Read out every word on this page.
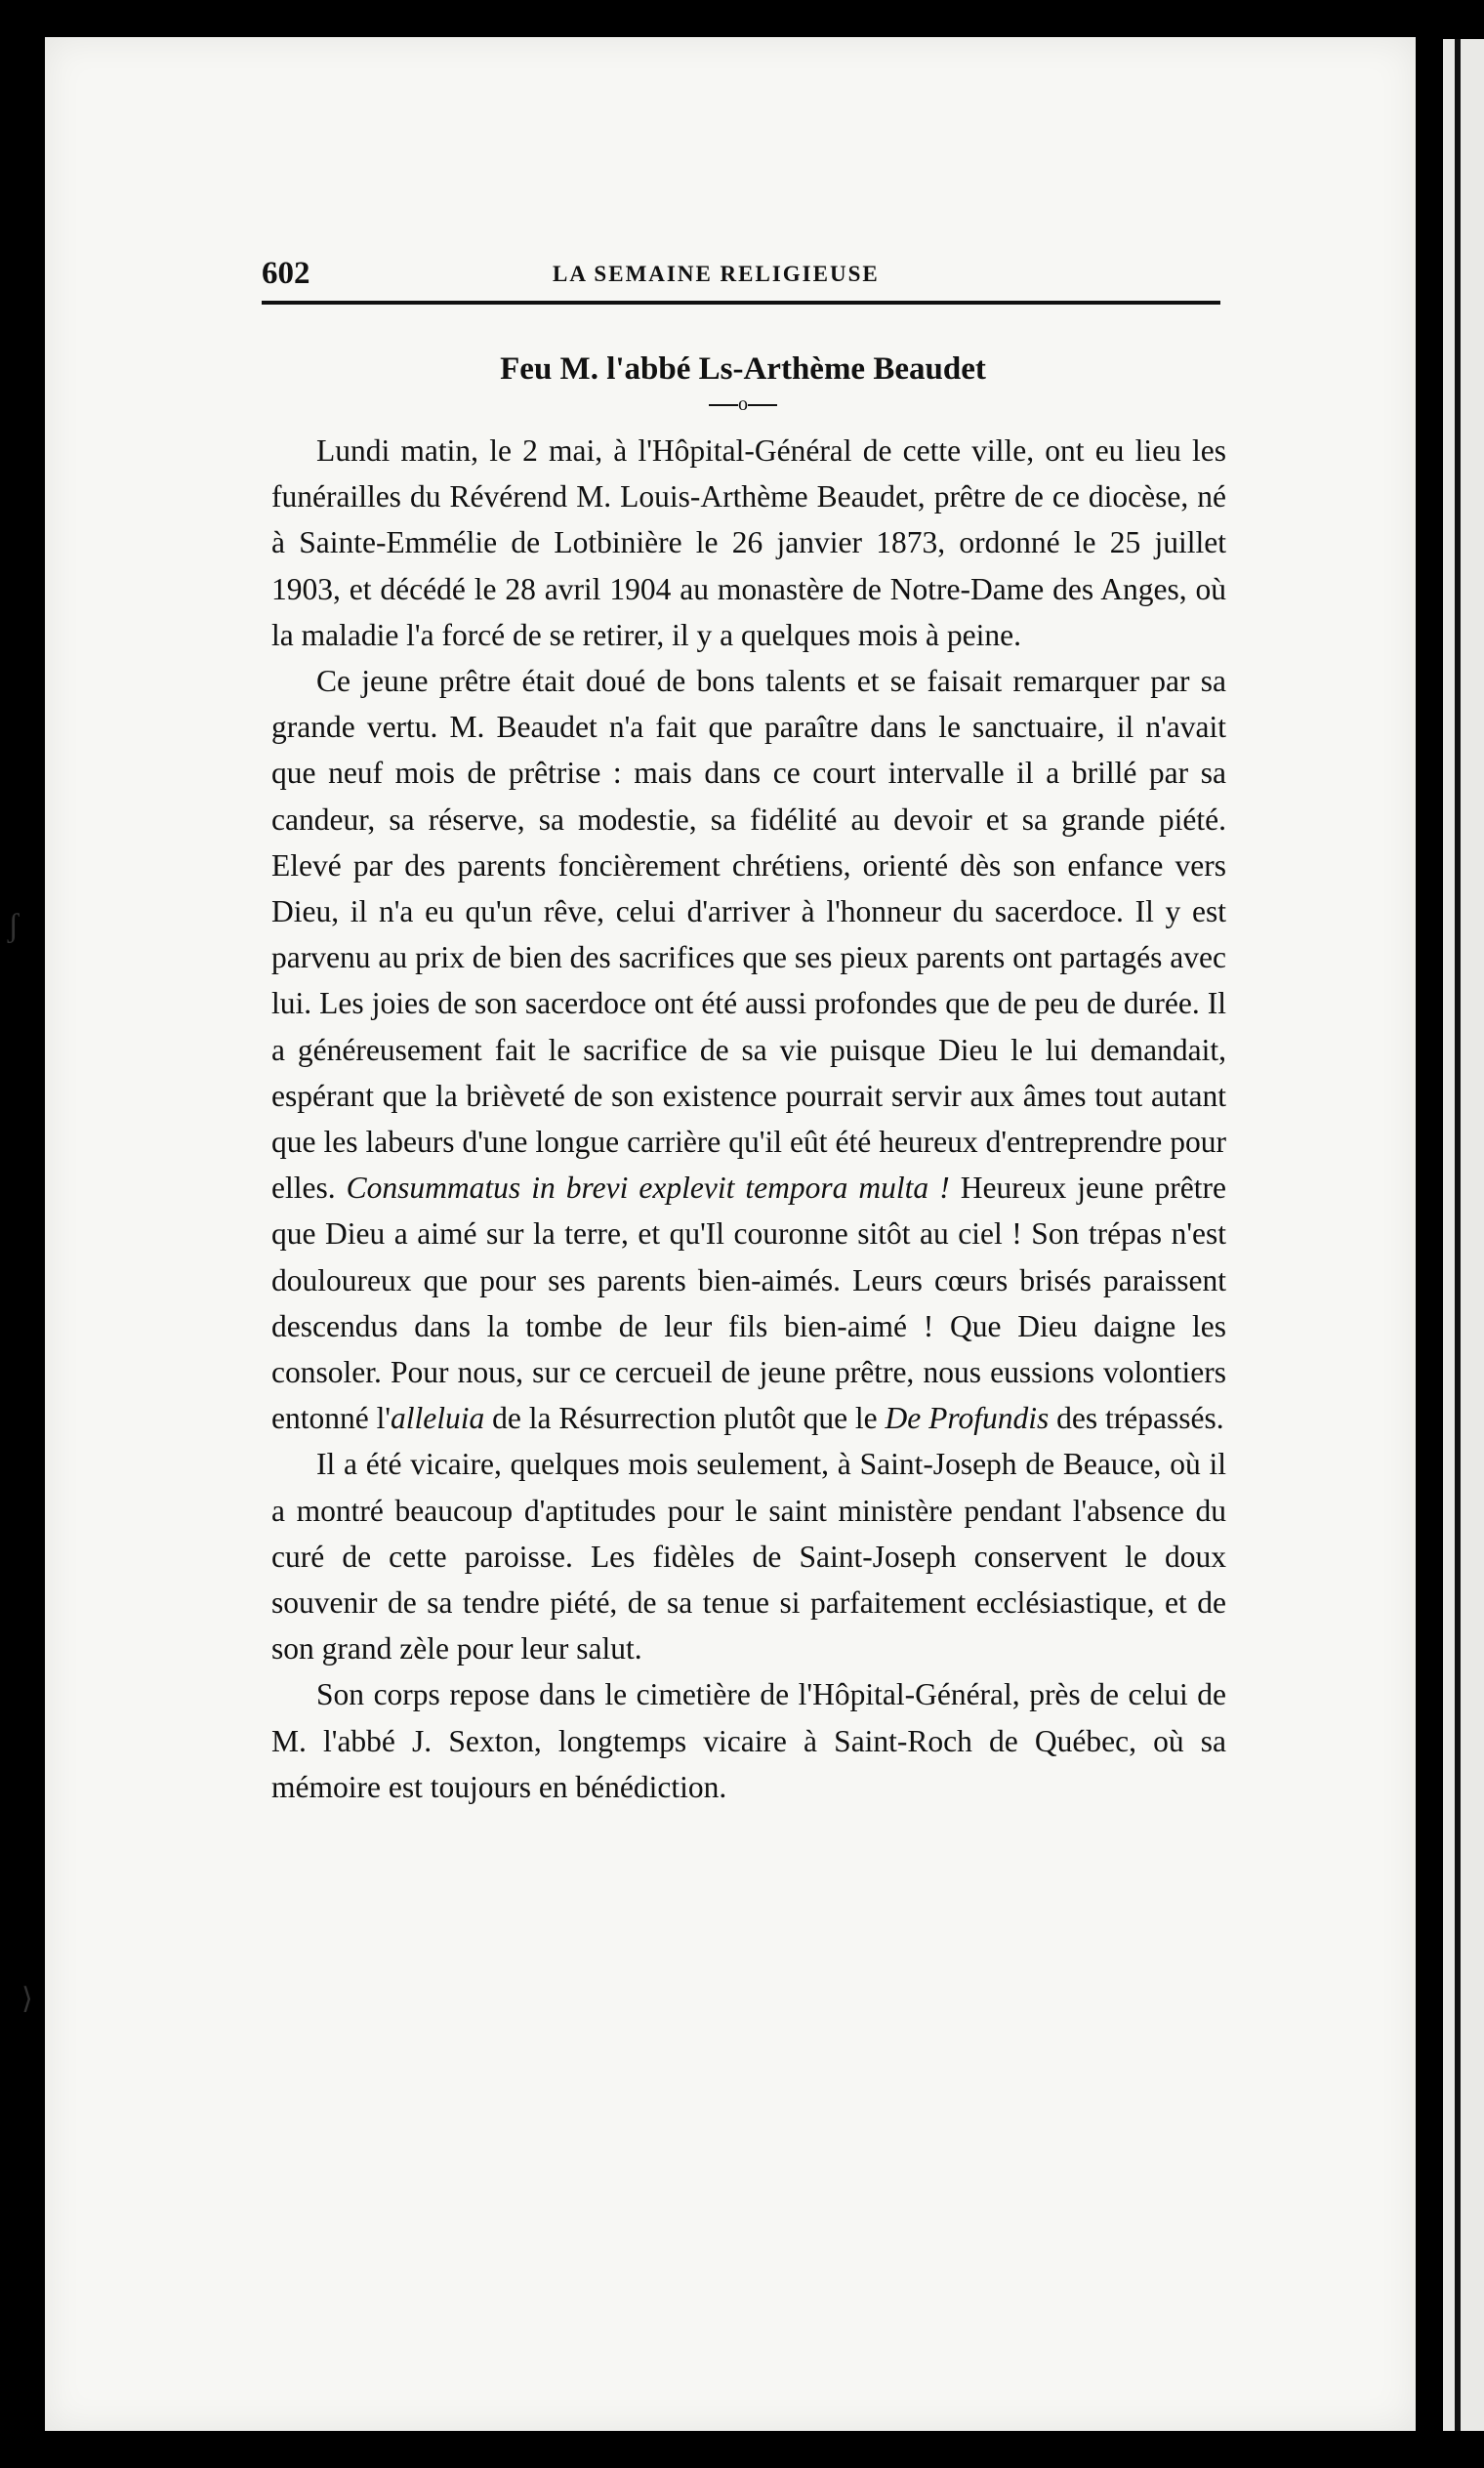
602	LA SEMAINE RELIGIEUSE
Feu M. l'abbé Ls-Arthème Beaudet
o

Lundi matin, le 2 mai, à l'Hôpital-Général de cette ville, ont eu lieu les funérailles du Révérend M. Louis-Arthème Beaudet, prêtre de ce diocèse, né à Sainte-Emmélie de Lotbinière le 26 janvier 1873, ordonné le 25 juillet 1903, et décédé le 28 avril 1904 au monastère de Notre-Dame des Anges, où la maladie l'a forcé de se retirer, il y a quelques mois à peine.

Ce jeune prêtre était doué de bons talents et se faisait remarquer par sa grande vertu. M. Beaudet n'a fait que paraître dans le sanctuaire, il n'avait que neuf mois de prêtrise : mais dans ce court intervalle il a brillé par sa candeur, sa réserve, sa modestie, sa fidélité au devoir et sa grande piété. Elevé par des parents foncièrement chrétiens, orienté dès son enfance vers Dieu, il n'a eu qu'un rêve, celui d'arriver à l'honneur du sacerdoce. Il y est parvenu au prix de bien des sacrifices que ses pieux parents ont partagés avec lui. Les joies de son sacerdoce ont été aussi profondes que de peu de durée. Il a généreusement fait le sacrifice de sa vie puisque Dieu le lui demandait, espérant que la brièveté de son existence pourrait servir aux âmes tout autant que les labeurs d'une longue carrière qu'il eût été heureux d'entreprendre pour elles. Consummatus in brevi explevit tempora multa ! Heureux jeune prêtre que Dieu a aimé sur la terre, et qu'Il couronne sitôt au ciel ! Son trépas n'est douloureux que pour ses parents bien-aimés. Leurs cœurs brisés paraissent descendus dans la tombe de leur fils bien-aimé ! Que Dieu daigne les consoler. Pour nous, sur ce cercueil de jeune prêtre, nous eussions volontiers entonné l'alleluia de la Résurrection plutôt que le De Profundis des trépassés.

Il a été vicaire, quelques mois seulement, à Saint-Joseph de Beauce, où il a montré beaucoup d'aptitudes pour le saint ministère pendant l'absence du curé de cette paroisse. Les fidèles de Saint-Joseph conservent le doux souvenir de sa tendre piété, de sa tenue si parfaitement ecclésiastique, et de son grand zèle pour leur salut.

Son corps repose dans le cimetière de l'Hôpital-Général, près de celui de M. l'abbé J. Sexton, longtemps vicaire à Saint-Roch de Québec, où sa mémoire est toujours en bénédiction.

ʃ
⟩
